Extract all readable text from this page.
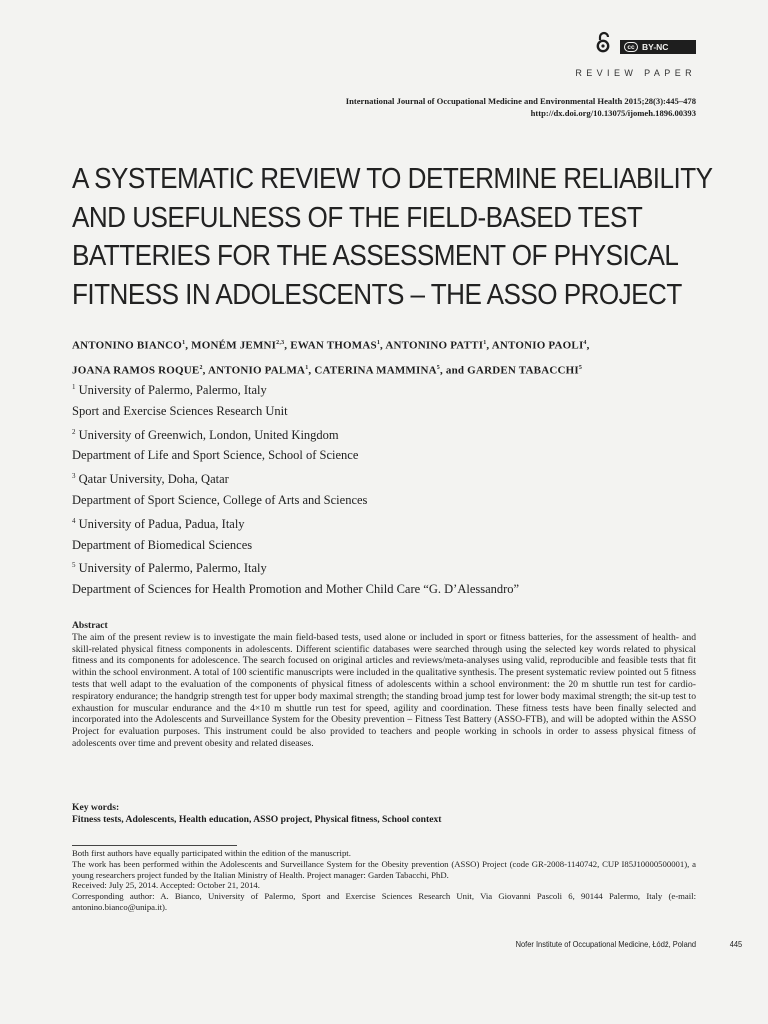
cc BY-NC
REVIEW PAPER
International Journal of Occupational Medicine and Environmental Health 2015;28(3):445–478
http://dx.doi.org/10.13075/ijomeh.1896.00393
A SYSTEMATIC REVIEW TO DETERMINE RELIABILITY
AND USEFULNESS OF THE FIELD-BASED TEST
BATTERIES FOR THE ASSESSMENT OF PHYSICAL
FITNESS IN ADOLESCENTS – THE ASSO PROJECT
ANTONINO BIANCO$^1$, MONÉM JEMNI$^{2,3}$, EWAN THOMAS$^1$, ANTONINO PATTI$^1$, ANTONIO PAOLI$^4$,
JOANA RAMOS ROQUE$^2$, ANTONIO PALMA$^1$, CATERINA MAMMINA$^5$, and GARDEN TABACCHI$^5$
$^1$ University of Palermo, Palermo, Italy
Sport and Exercise Sciences Research Unit
$^2$ University of Greenwich, London, United Kingdom
Department of Life and Sport Science, School of Science
$^3$ Qatar University, Doha, Qatar
Department of Sport Science, College of Arts and Sciences
$^4$ University of Padua, Padua, Italy
Department of Biomedical Sciences
$^5$ University of Palermo, Palermo, Italy
Department of Sciences for Health Promotion and Mother Child Care “G. D’Alessandro”
Abstract
The aim of the present review is to investigate the main field-based tests, used alone or included in sport or fitness batteries, for the assessment of health- and skill-related physical fitness components in adolescents. Different scientific databases were searched through using the selected key words related to physical fitness and its components for adolescence. The search focused on original articles and reviews/meta-analyses using valid, reproducible and feasible tests that fit within the school environment. A total of 100 scientific manuscripts were included in the qualitative synthesis. The present systematic review pointed out 5 fitness tests that well adapt to the evaluation of the components of physical fitness of adolescents within a school environment: the 20 m shuttle run test for cardio-respiratory endurance; the handgrip strength test for upper body maximal strength; the standing broad jump test for lower body maximal strength; the sit-up test to exhaustion for muscular endurance and the 4×10 m shuttle run test for speed, agility and coordination. These fitness tests have been finally selected and incorporated into the Adolescents and Surveillance System for the Obesity prevention – Fitness Test Battery (ASSO-FTB), and will be adopted within the ASSO Project for evaluation purposes. This instrument could be also provided to teachers and people working in schools in order to assess physical fitness of adolescents over time and prevent obesity and related diseases.
Key words:
Fitness tests, Adolescents, Health education, ASSO project, Physical fitness, School context
Both first authors have equally participated within the edition of the manuscript.
The work has been performed within the Adolescents and Surveillance System for the Obesity prevention (ASSO) Project (code GR-2008-1140742, CUP I85J10000500001), a young researchers project funded by the Italian Ministry of Health. Project manager: Garden Tabacchi, PhD.
Received: July 25, 2014. Accepted: October 21, 2014.
Corresponding author: A. Bianco, University of Palermo, Sport and Exercise Sciences Research Unit, Via Giovanni Pascoli 6, 90144 Palermo, Italy (e-mail: antonino.bianco@unipa.it).
Nofer Institute of Occupational Medicine, Łódź, Poland	445
